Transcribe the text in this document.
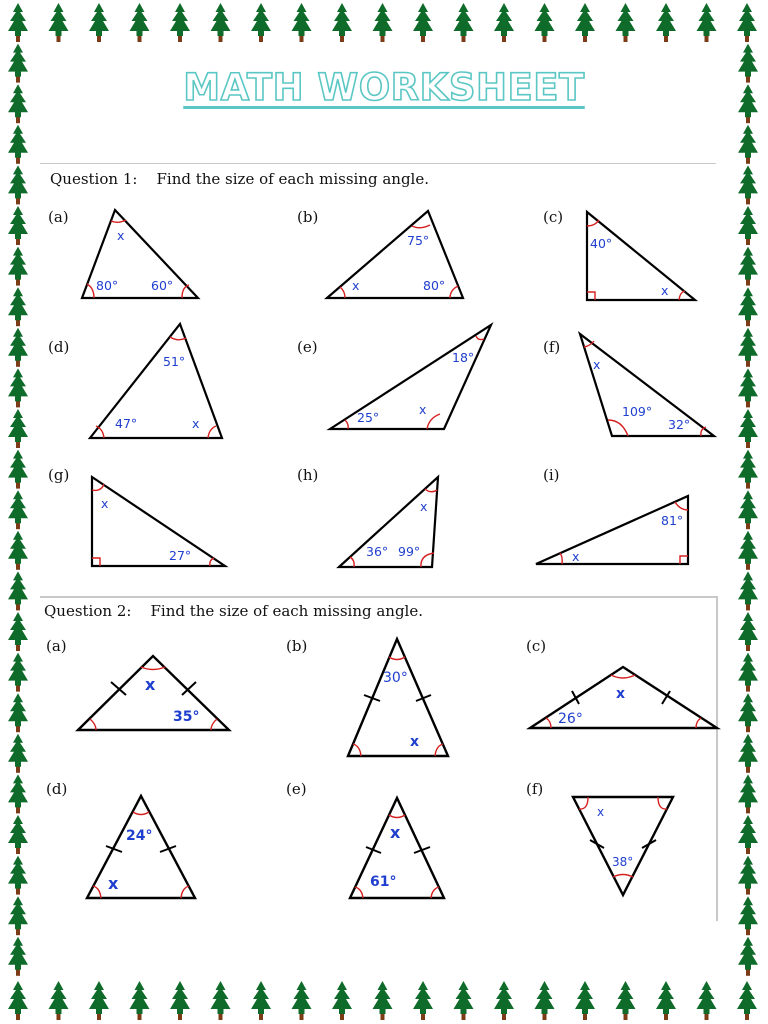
MATH WORKSHEET
Question 1:    Find the size of each missing angle.
Question 2:    Find the size of each missing angle.
(a)	(b)	(c)
(d)	(e)	(f)
(g)	(h)	(i)
(a)	(b)	(c)
(d)	(e)	(f)
x
80°	60°
75°
x	80°
40°
x
51°
47°	x
18°
x
25°
x
109°
32°
x
27°
x
36° 99°
81°
x
x
35°
30°
x
x
26°
24°
x
x
61°
x
38°
